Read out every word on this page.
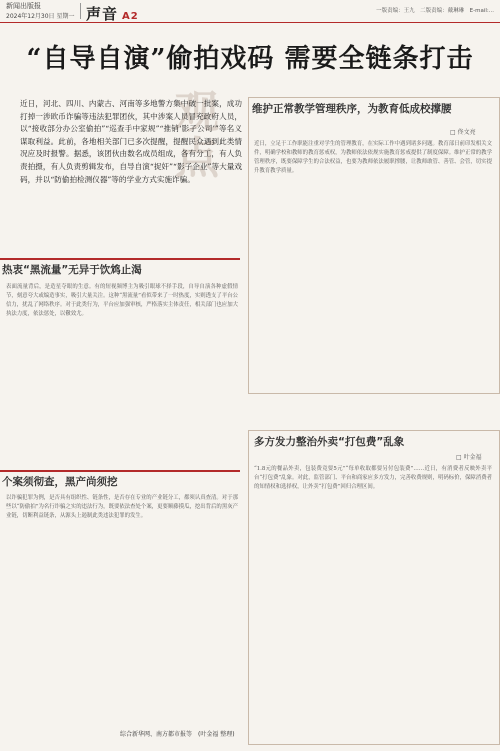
新闻出版报
2024年12月30日 星期一 声音 A2	一版责编：王九　二版责编：戴琳琳　E-mail:...
“自导自演”偷拍戏码 需要全链条打击
观点
近日，河北、四川、内蒙古、河南等多地警方集中破一批案，成功打掉一涉欧币诈骗等违法犯罪团伙，其中涉案人员冒充政府人员，以“接收部分办公室偷拍”“巡查手中家规”“推销‘影子公司’”等名义谋取利益。此前，各地相关部门已多次提醒，提醒民众遇到此类情况应及时报警。据悉，该团伙由数名成员组成，各有分工，有人负责拍摄，有人负责剪辑发布，自导自演“捉奸”“影子企业”等大量戏码，并以“防偷拍检测仪器”等的学业方式实施诈骗。
热衷“黑流量”无异于饮鸩止渴
表面流量背后，是造星夺眼的生意。有的短视频博主为吸引眼球不择手段，自导自演各种虚假情节，刻意夸大或编造事实，吸引大量关注。这种“黑流量”看似带来了一时热度，实则透支了平台公信力，扰乱了网络秩序。对于此类行为，平台应加强审核，严格落实主体责任，相关部门也应加大执法力度，依法惩处，以儆效尤。
个案须彻查，黑产尚须挖
以诈骗犯罪为例，是否具有组织性、链条性，是否存在专业的产业链分工，都须认真查清。对于那些以“防偷拍”为名行诈骗之实的违法行为，既要依法查处个案，更要顺藤摸瓜，挖出背后的黑灰产业链，切断利益链条，从源头上遏制此类违法犯罪的发生。
维护正常教学管理秩序，为教育低成校撑腰
□ 佟文亮
近日，立足于工作职能注重对学生的管理教育，在实际工作中遇到诸多问题。教育部日前印发相关文件，明确学校和教师的教育惩戒权，为教师依法依规实施教育惩戒提供了制度保障。维护正常的教学管理秩序，既要保障学生的合法权益，也要为教师依法履职撑腰，让教师敢管、善管、会管，切实提升教育教学质量。
多方发力整治外卖“打包费”乱象
□ 叶金福
“1.8元的餐品外卖，包装费竟要5元”“每单收取都要另付包装费”……近日，有消费者反映外卖平台“打包费”乱象。对此，监管部门、平台和商家应多方发力，完善收费规则，明码标价，保障消费者的知情权和选择权，让外卖“打包费”回归合理区间。
综合新华网、南方都市报等　(叶金福 整理)
